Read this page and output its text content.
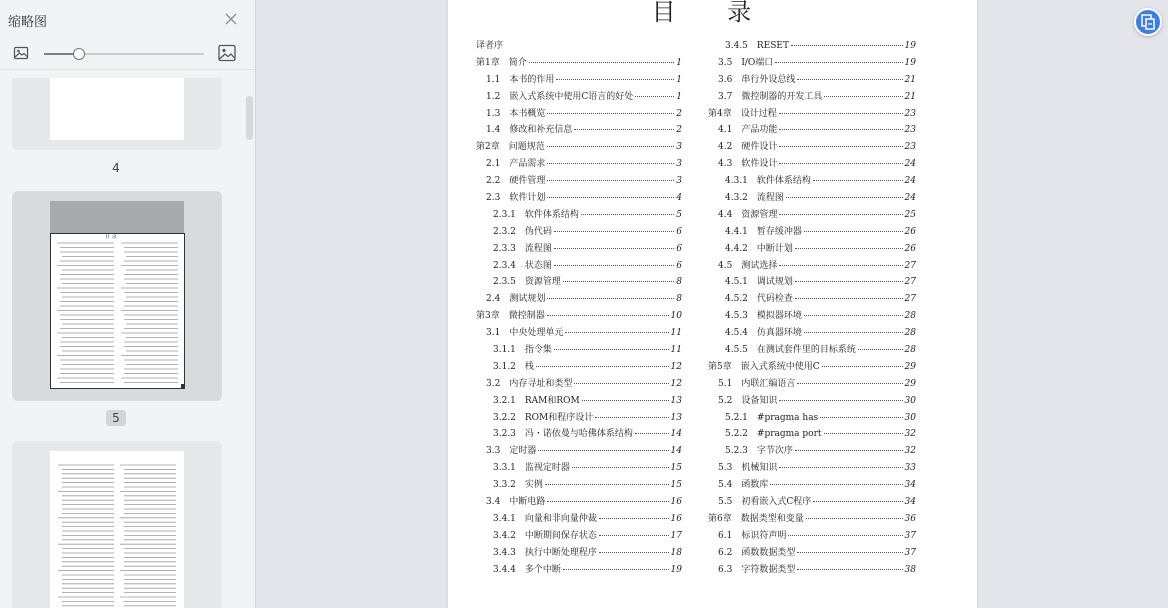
缩略图
4
目 录
5
目 录
译者序
第1章　简介	1
1.1　本书的作用	1
1.2　嵌入式系统中使用C语言的好处	1
1.3　本书概览	2
1.4　修改和补充信息	2
第2章　问题规范	3
2.1　产品需求	3
2.2　硬件管理	3
2.3　软件计划	4
2.3.1　软件体系结构	5
2.3.2　伪代码	6
2.3.3　流程图	6
2.3.4　状态图	6
2.3.5　资源管理	8
2.4　测试规划	8
第3章　微控制器	10
3.1　中央处理单元	11
3.1.1　指令集	11
3.1.2　栈	12
3.2　内存寻址和类型	12
3.2.1　RAM和ROM	13
3.2.2　ROM和程序设计	13
3.2.3　冯・诺依曼与哈佛体系结构	14
3.3　定时器	14
3.3.1　监视定时器	15
3.3.2　实例	15
3.4　中断电路	16
3.4.1　向量和非向量仲裁	16
3.4.2　中断期间保存状态	17
3.4.3　执行中断处理程序	18
3.4.4　多个中断	19
3.4.5　RESET	19
3.5　I/O端口	19
3.6　串行外设总线	21
3.7　微控制器的开发工具	21
第4章　设计过程	23
4.1　产品功能	23
4.2　硬件设计	23
4.3　软件设计	24
4.3.1　软件体系结构	24
4.3.2　流程图	24
4.4　资源管理	25
4.4.1　暂存缓冲器	26
4.4.2　中断计划	26
4.5　测试选择	27
4.5.1　调试规划	27
4.5.2　代码检查	27
4.5.3　模拟器环境	28
4.5.4　仿真器环境	28
4.5.5　在测试套件里的目标系统	28
第5章　嵌入式系统中使用C	29
5.1　内联汇编语言	29
5.2　设备知识	30
5.2.1　#pragma has	30
5.2.2　#pragma port	32
5.2.3　字节次序	32
5.3　机械知识	33
5.4　函数库	34
5.5　初看嵌入式C程序	34
第6章　数据类型和变量	36
6.1　标识符声明	37
6.2　函数数据类型	37
6.3　字符数据类型	38
